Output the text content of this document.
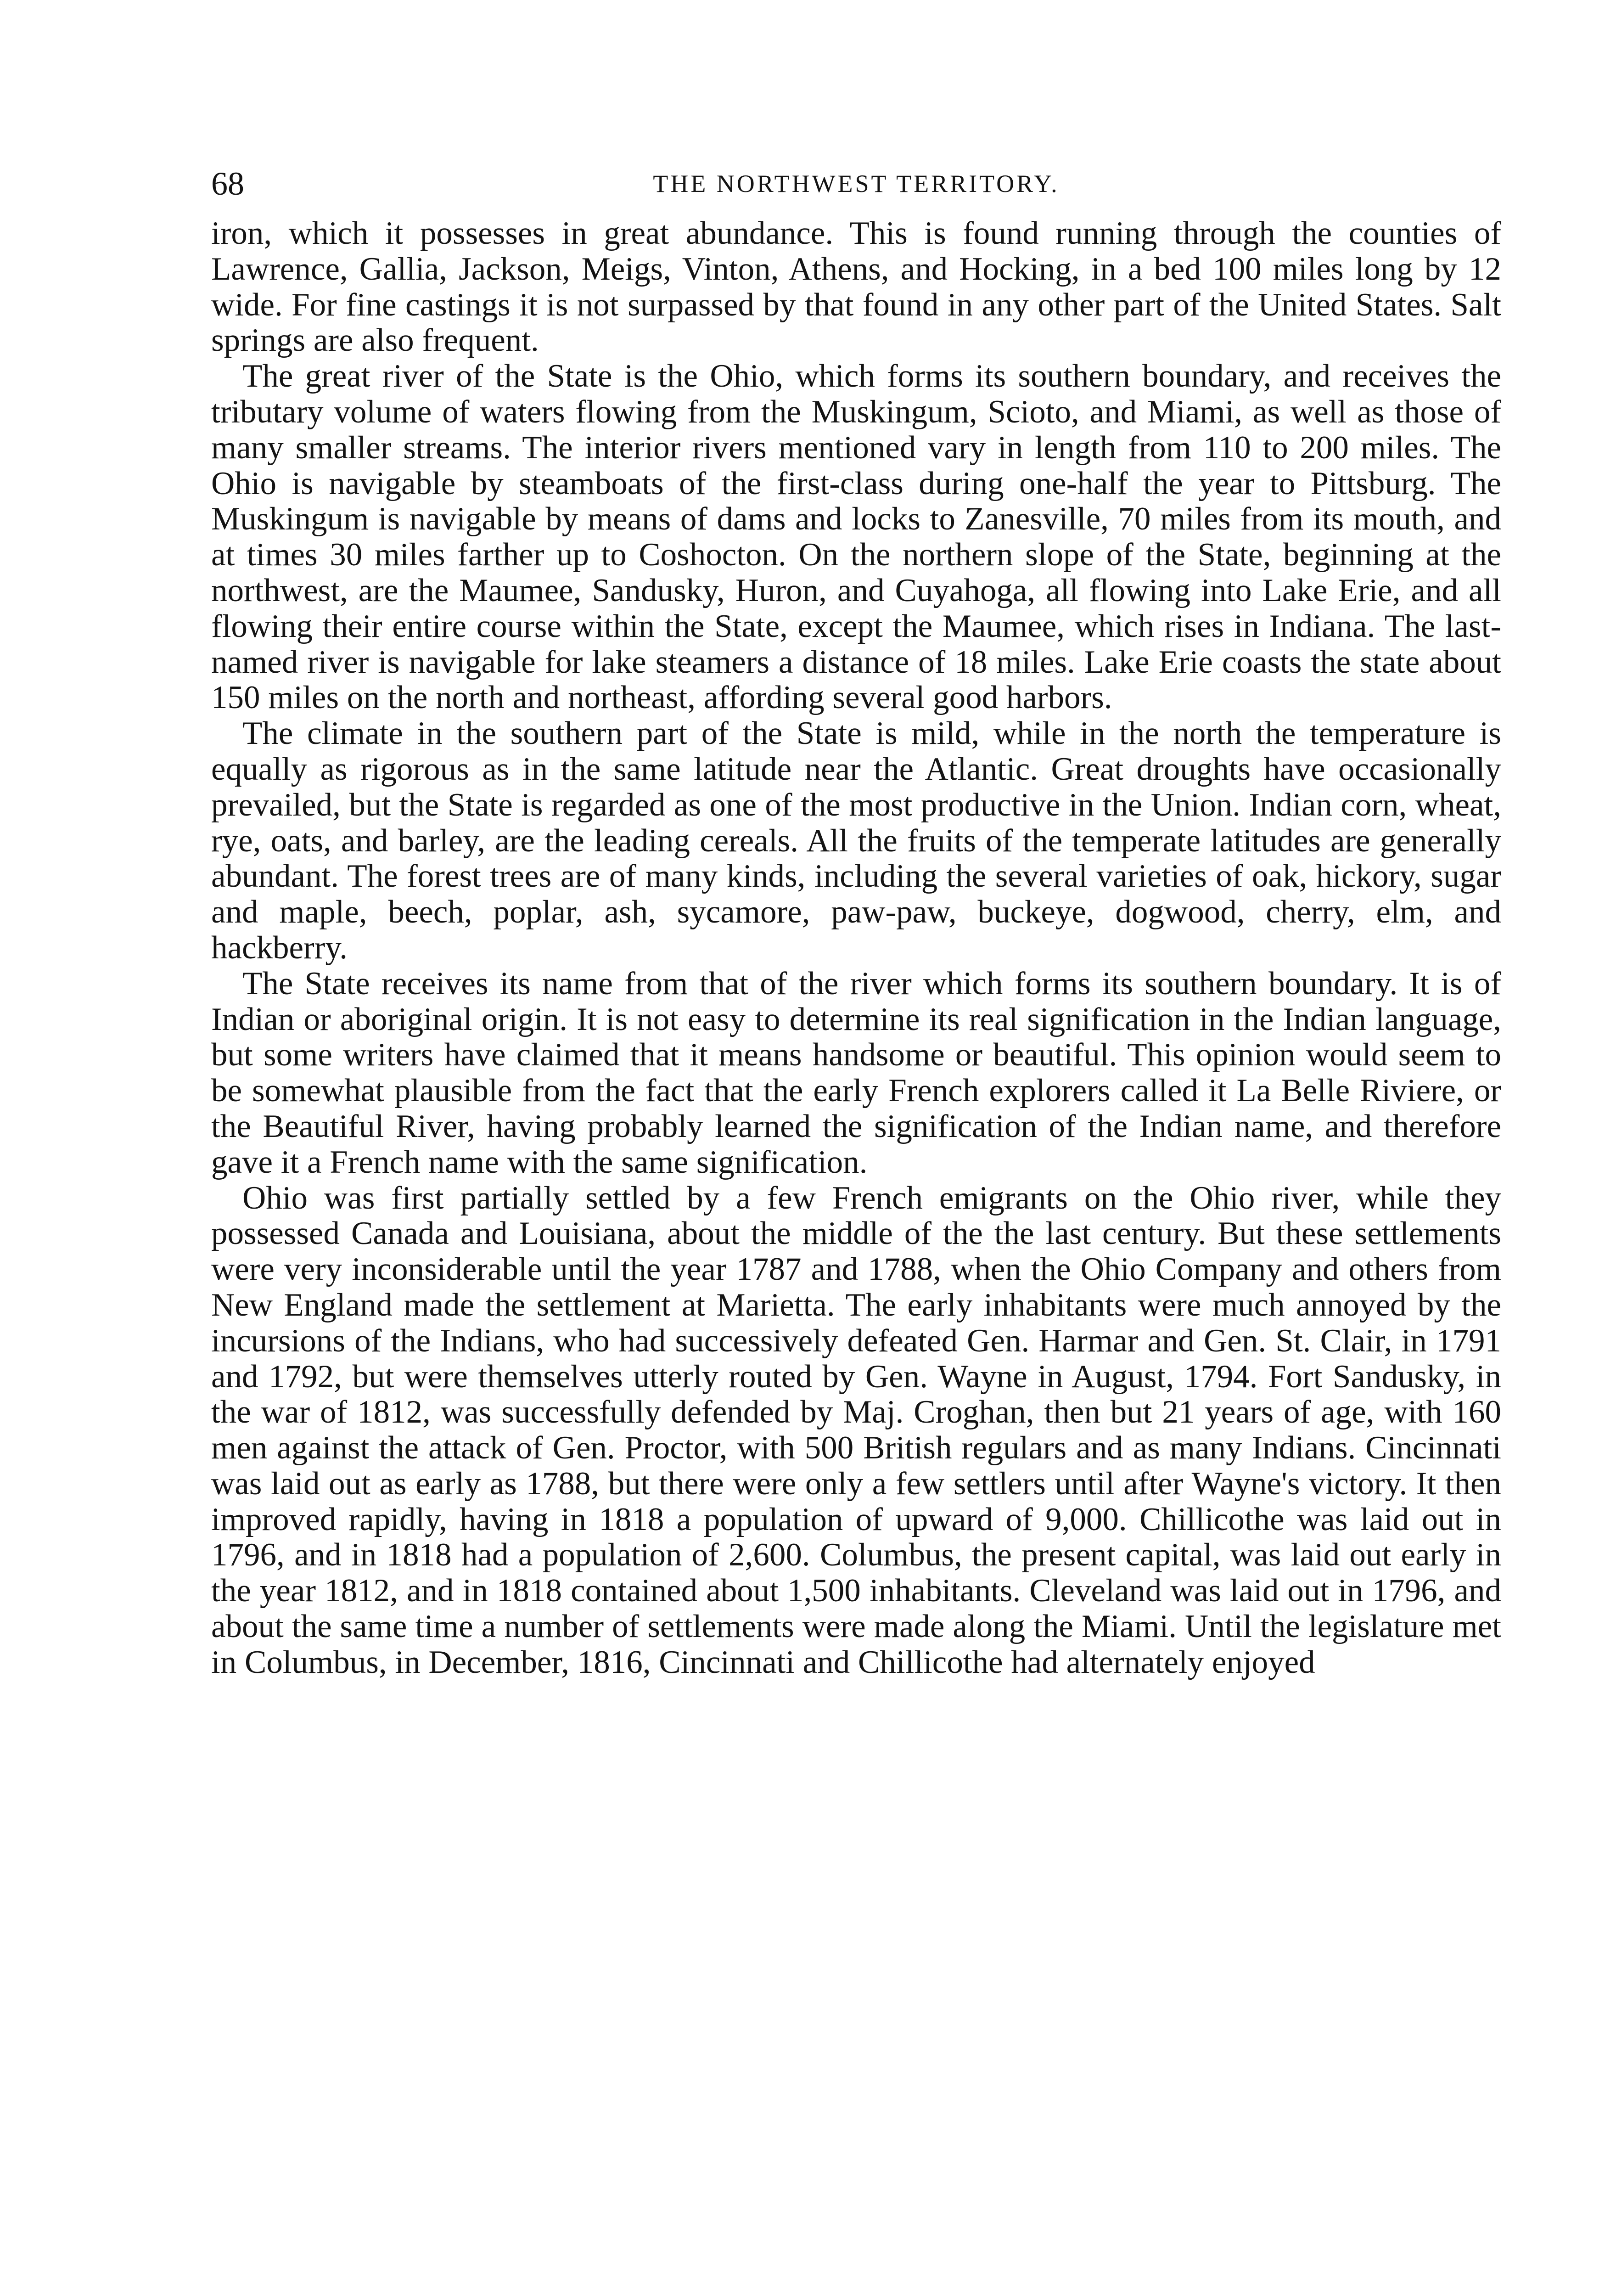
68	THE NORTHWEST TERRITORY.

iron, which it possesses in great abundance. This is found running through the counties of Lawrence, Gallia, Jackson, Meigs, Vinton, Athens, and Hocking, in a bed 100 miles long by 12 wide. For fine castings it is not surpassed by that found in any other part of the United States. Salt springs are also frequent.

The great river of the State is the Ohio, which forms its southern boundary, and receives the tributary volume of waters flowing from the Muskingum, Scioto, and Miami, as well as those of many smaller streams. The interior rivers mentioned vary in length from 110 to 200 miles. The Ohio is navigable by steamboats of the first-class during one-half the year to Pittsburg. The Muskingum is navigable by means of dams and locks to Zanesville, 70 miles from its mouth, and at times 30 miles farther up to Coshocton. On the northern slope of the State, beginning at the northwest, are the Maumee, Sandusky, Huron, and Cuyahoga, all flowing into Lake Erie, and all flowing their entire course within the State, except the Maumee, which rises in Indiana. The last-named river is navigable for lake steamers a distance of 18 miles. Lake Erie coasts the state about 150 miles on the north and northeast, affording several good harbors.

The climate in the southern part of the State is mild, while in the north the temperature is equally as rigorous as in the same latitude near the Atlantic. Great droughts have occasionally prevailed, but the State is regarded as one of the most productive in the Union. Indian corn, wheat, rye, oats, and barley, are the leading cereals. All the fruits of the temperate latitudes are generally abundant. The forest trees are of many kinds, including the several varieties of oak, hickory, sugar and maple, beech, poplar, ash, sycamore, paw-paw, buckeye, dogwood, cherry, elm, and hackberry.

The State receives its name from that of the river which forms its southern boundary. It is of Indian or aboriginal origin. It is not easy to determine its real signification in the Indian language, but some writers have claimed that it means handsome or beautiful. This opinion would seem to be somewhat plausible from the fact that the early French explorers called it La Belle Riviere, or the Beautiful River, having probably learned the signification of the Indian name, and therefore gave it a French name with the same signification.

Ohio was first partially settled by a few French emigrants on the Ohio river, while they possessed Canada and Louisiana, about the middle of the the last century. But these settlements were very inconsiderable until the year 1787 and 1788, when the Ohio Company and others from New England made the settlement at Marietta. The early inhabitants were much annoyed by the incursions of the Indians, who had successively defeated Gen. Harmar and Gen. St. Clair, in 1791 and 1792, but were themselves utterly routed by Gen. Wayne in August, 1794. Fort Sandusky, in the war of 1812, was successfully defended by Maj. Croghan, then but 21 years of age, with 160 men against the attack of Gen. Proctor, with 500 British regulars and as many Indians. Cincinnati was laid out as early as 1788, but there were only a few settlers until after Wayne's victory. It then improved rapidly, having in 1818 a population of upward of 9,000. Chillicothe was laid out in 1796, and in 1818 had a population of 2,600. Columbus, the present capital, was laid out early in the year 1812, and in 1818 contained about 1,500 inhabitants. Cleveland was laid out in 1796, and about the same time a number of settlements were made along the Miami. Until the legislature met in Columbus, in December, 1816, Cincinnati and Chillicothe had alternately enjoyed
